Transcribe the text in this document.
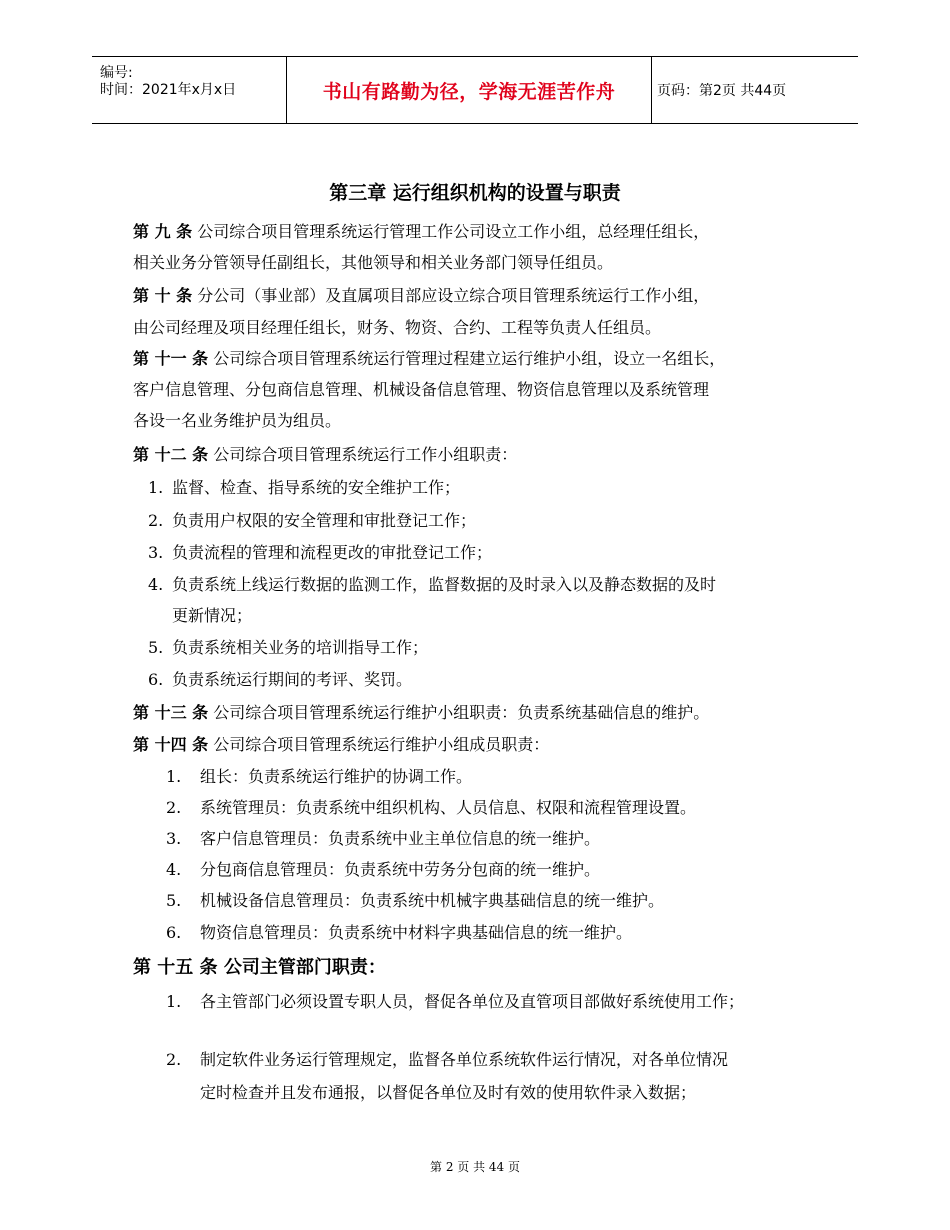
编号:
时间：2021年x月x日	书山有路勤为径，学海无涯苦作舟	页码：第2页 共44页
第三章 运行组织机构的设置与职责
第 九 条 公司综合项目管理系统运行管理工作公司设立工作小组，总经理任组长，
相关业务分管领导任副组长，其他领导和相关业务部门领导任组员。
第 十 条 分公司（事业部）及直属项目部应设立综合项目管理系统运行工作小组，
由公司经理及项目经理任组长，财务、物资、合约、工程等负责人任组员。
第 十一 条 公司综合项目管理系统运行管理过程建立运行维护小组，设立一名组长，
客户信息管理、分包商信息管理、机械设备信息管理、物资信息管理以及系统管理
各设一名业务维护员为组员。
第 十二 条 公司综合项目管理系统运行工作小组职责：
1. 监督、检查、指导系统的安全维护工作；
2. 负责用户权限的安全管理和审批登记工作；
3. 负责流程的管理和流程更改的审批登记工作；
4. 负责系统上线运行数据的监测工作，监督数据的及时录入以及静态数据的及时
更新情况；
5. 负责系统相关业务的培训指导工作；
6. 负责系统运行期间的考评、奖罚。
第 十三 条 公司综合项目管理系统运行维护小组职责：负责系统基础信息的维护。
第 十四 条 公司综合项目管理系统运行维护小组成员职责：
1. 组长：负责系统运行维护的协调工作。
2. 系统管理员：负责系统中组织机构、人员信息、权限和流程管理设置。
3. 客户信息管理员：负责系统中业主单位信息的统一维护。
4. 分包商信息管理员：负责系统中劳务分包商的统一维护。
5. 机械设备信息管理员：负责系统中机械字典基础信息的统一维护。
6. 物资信息管理员：负责系统中材料字典基础信息的统一维护。
第 十五 条 公司主管部门职责：
1. 各主管部门必须设置专职人员，督促各单位及直管项目部做好系统使用工作；
2. 制定软件业务运行管理规定，监督各单位系统软件运行情况，对各单位情况
定时检查并且发布通报，以督促各单位及时有效的使用软件录入数据；
第 2 页 共 44 页
